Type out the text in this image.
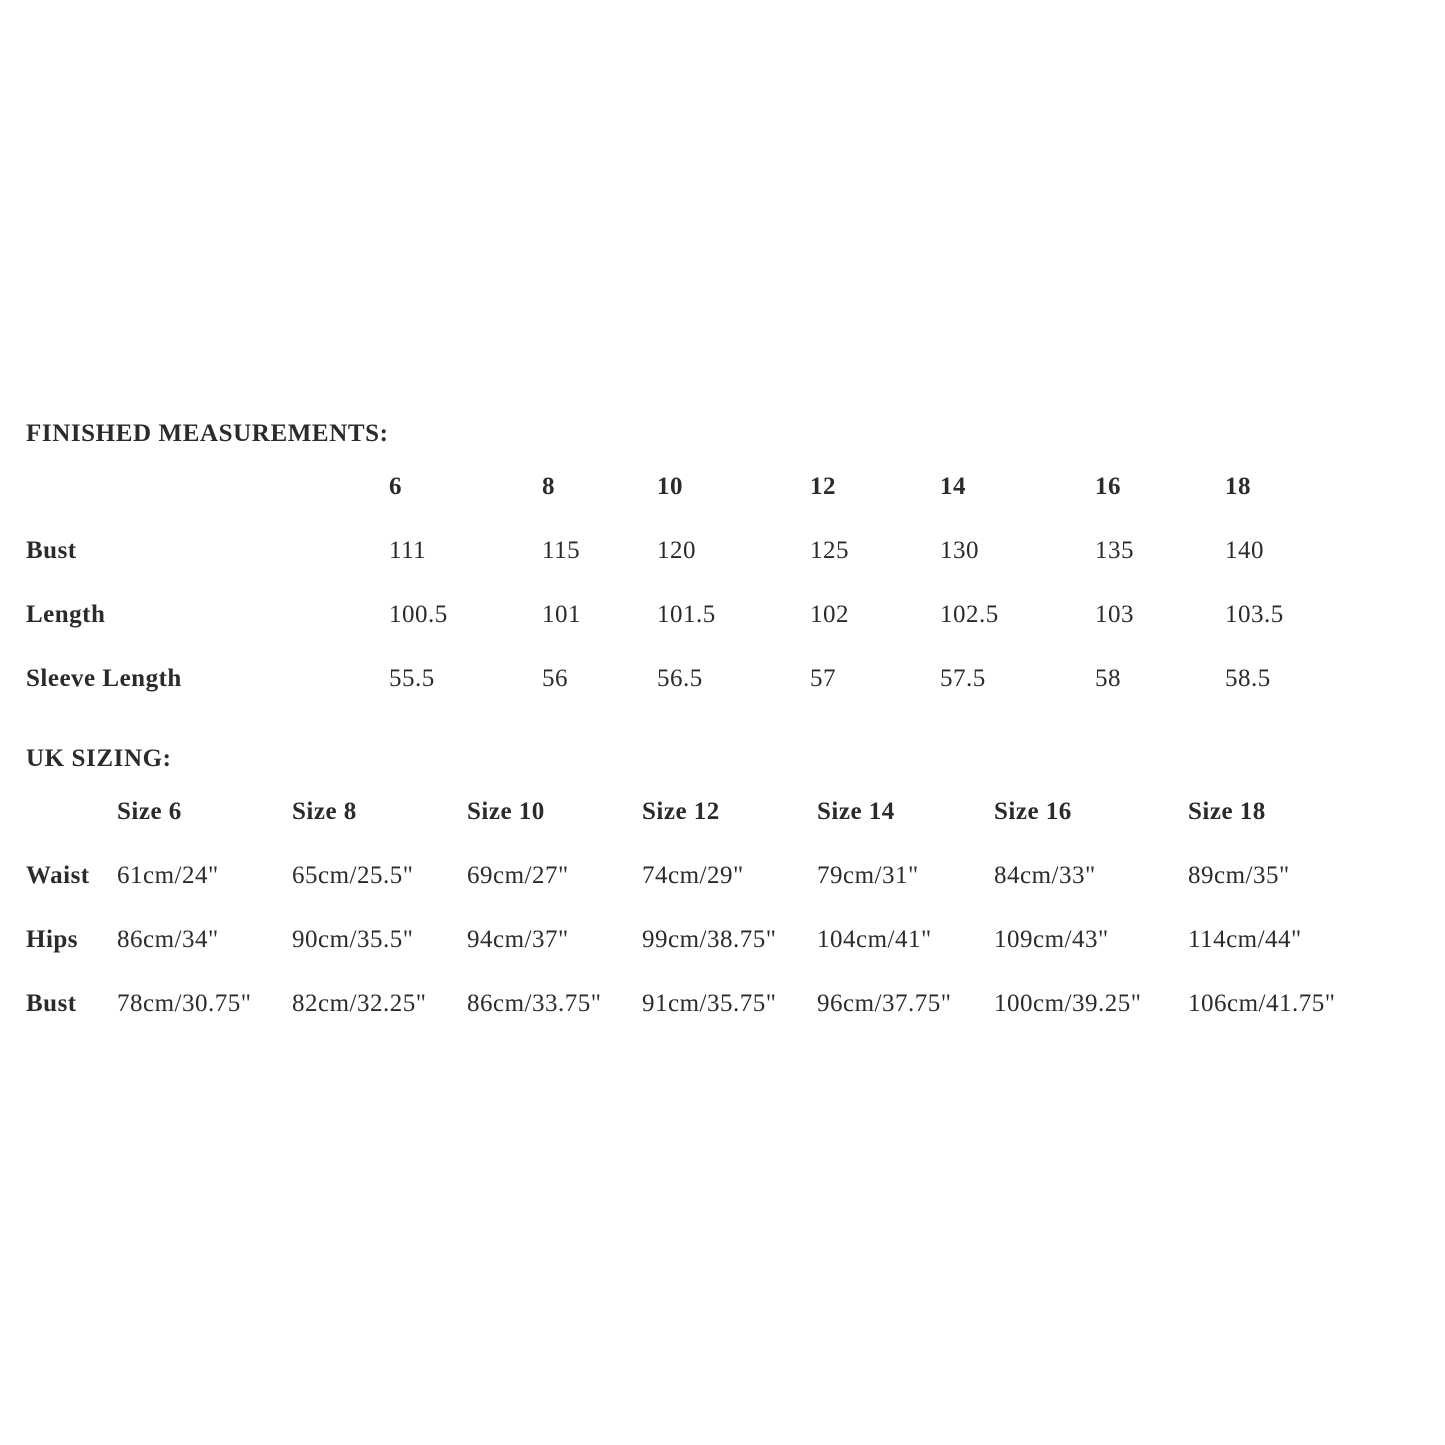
FINISHED MEASUREMENTS:
6	8	10	12	14	16	18
Bust	111	115	120	125	130	135	140
Length	100.5	101	101.5	102	102.5	103	103.5
Sleeve Length	55.5	56	56.5	57	57.5	58	58.5
UK SIZING:
Size 6	Size 8	Size 10	Size 12	Size 14	Size 16	Size 18
Waist 61cm/24"	65cm/25.5" 69cm/27"	74cm/29"	79cm/31"	84cm/33"	89cm/35"
Hips 86cm/34"	90cm/35.5" 94cm/37"	99cm/38.75" 104cm/41" 109cm/43"	114cm/44"
Bust 78cm/30.75" 82cm/32.25" 86cm/33.75" 91cm/35.75" 96cm/37.75" 100cm/39.25" 106cm/41.75"
